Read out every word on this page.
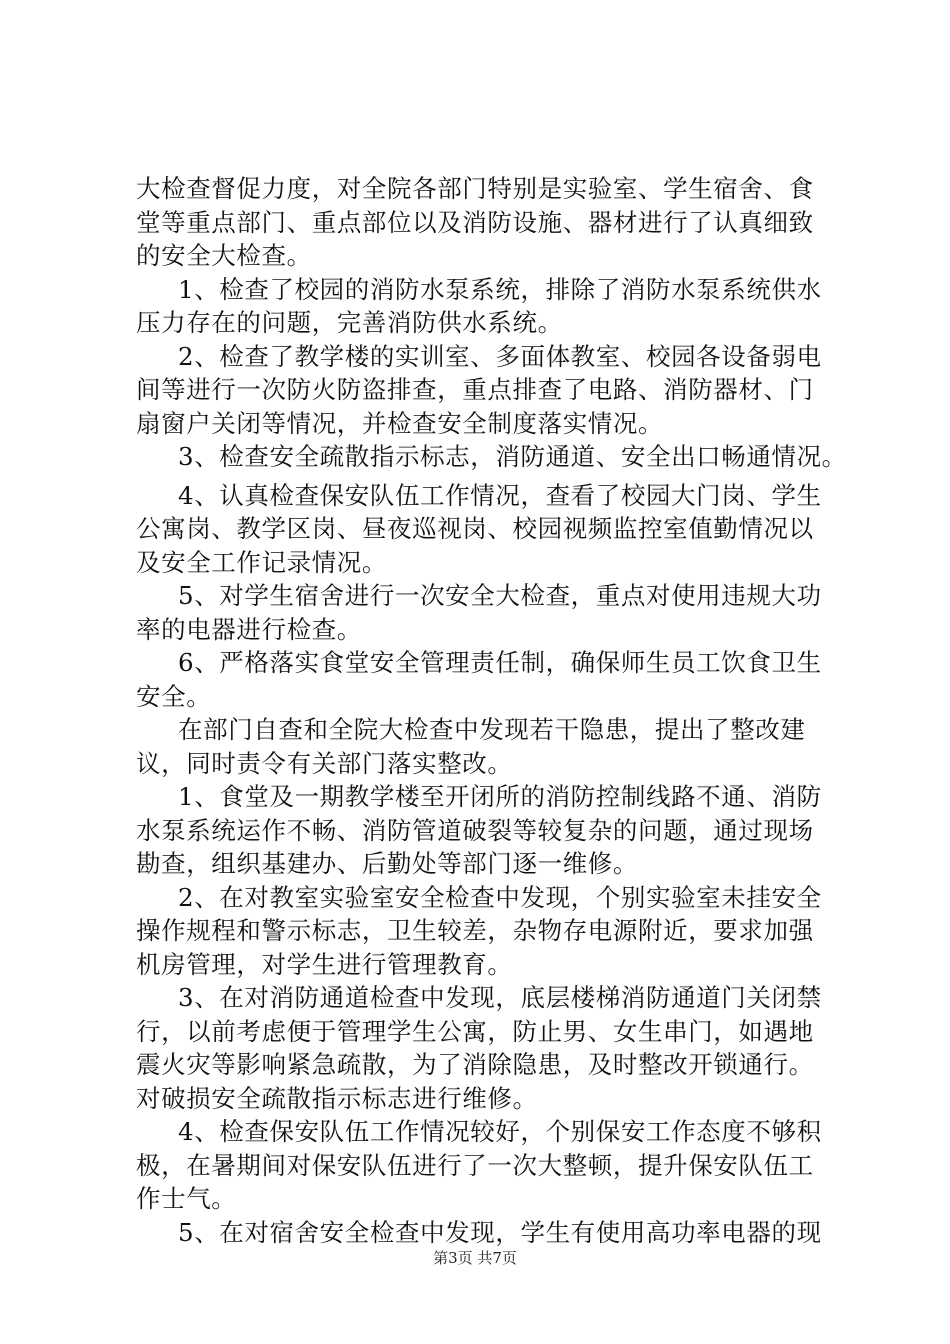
大检查督促力度，对全院各部门特别是实验室、学生宿舍、食
堂等重点部门、重点部位以及消防设施、器材进行了认真细致
的安全大检查。
1、检查了校园的消防水泵系统，排除了消防水泵系统供水
压力存在的问题，完善消防供水系统。
2、检查了教学楼的实训室、多面体教室、校园各设备弱电
间等进行一次防火防盗排查，重点排查了电路、消防器材、门
扇窗户关闭等情况，并检查安全制度落实情况。
3、检查安全疏散指示标志，消防通道、安全出口畅通情况。
4、认真检查保安队伍工作情况，查看了校园大门岗、学生
公寓岗、教学区岗、昼夜巡视岗、校园视频监控室值勤情况以
及安全工作记录情况。
5、对学生宿舍进行一次安全大检查，重点对使用违规大功
率的电器进行检查。
6、严格落实食堂安全管理责任制，确保师生员工饮食卫生
安全。
在部门自查和全院大检查中发现若干隐患，提出了整改建
议，同时责令有关部门落实整改。
1、食堂及一期教学楼至开闭所的消防控制线路不通、消防
水泵系统运作不畅、消防管道破裂等较复杂的问题，通过现场
勘查，组织基建办、后勤处等部门逐一维修。
2、在对教室实验室安全检查中发现，个别实验室未挂安全
操作规程和警示标志，卫生较差，杂物存电源附近，要求加强
机房管理，对学生进行管理教育。
3、在对消防通道检查中发现，底层楼梯消防通道门关闭禁
行，以前考虑便于管理学生公寓，防止男、女生串门，如遇地
震火灾等影响紧急疏散，为了消除隐患，及时整改开锁通行。
对破损安全疏散指示标志进行维修。
4、检查保安队伍工作情况较好，个别保安工作态度不够积
极，在暑期间对保安队伍进行了一次大整顿，提升保安队伍工
作士气。
5、在对宿舍安全检查中发现，学生有使用高功率电器的现
第3页 共7页
